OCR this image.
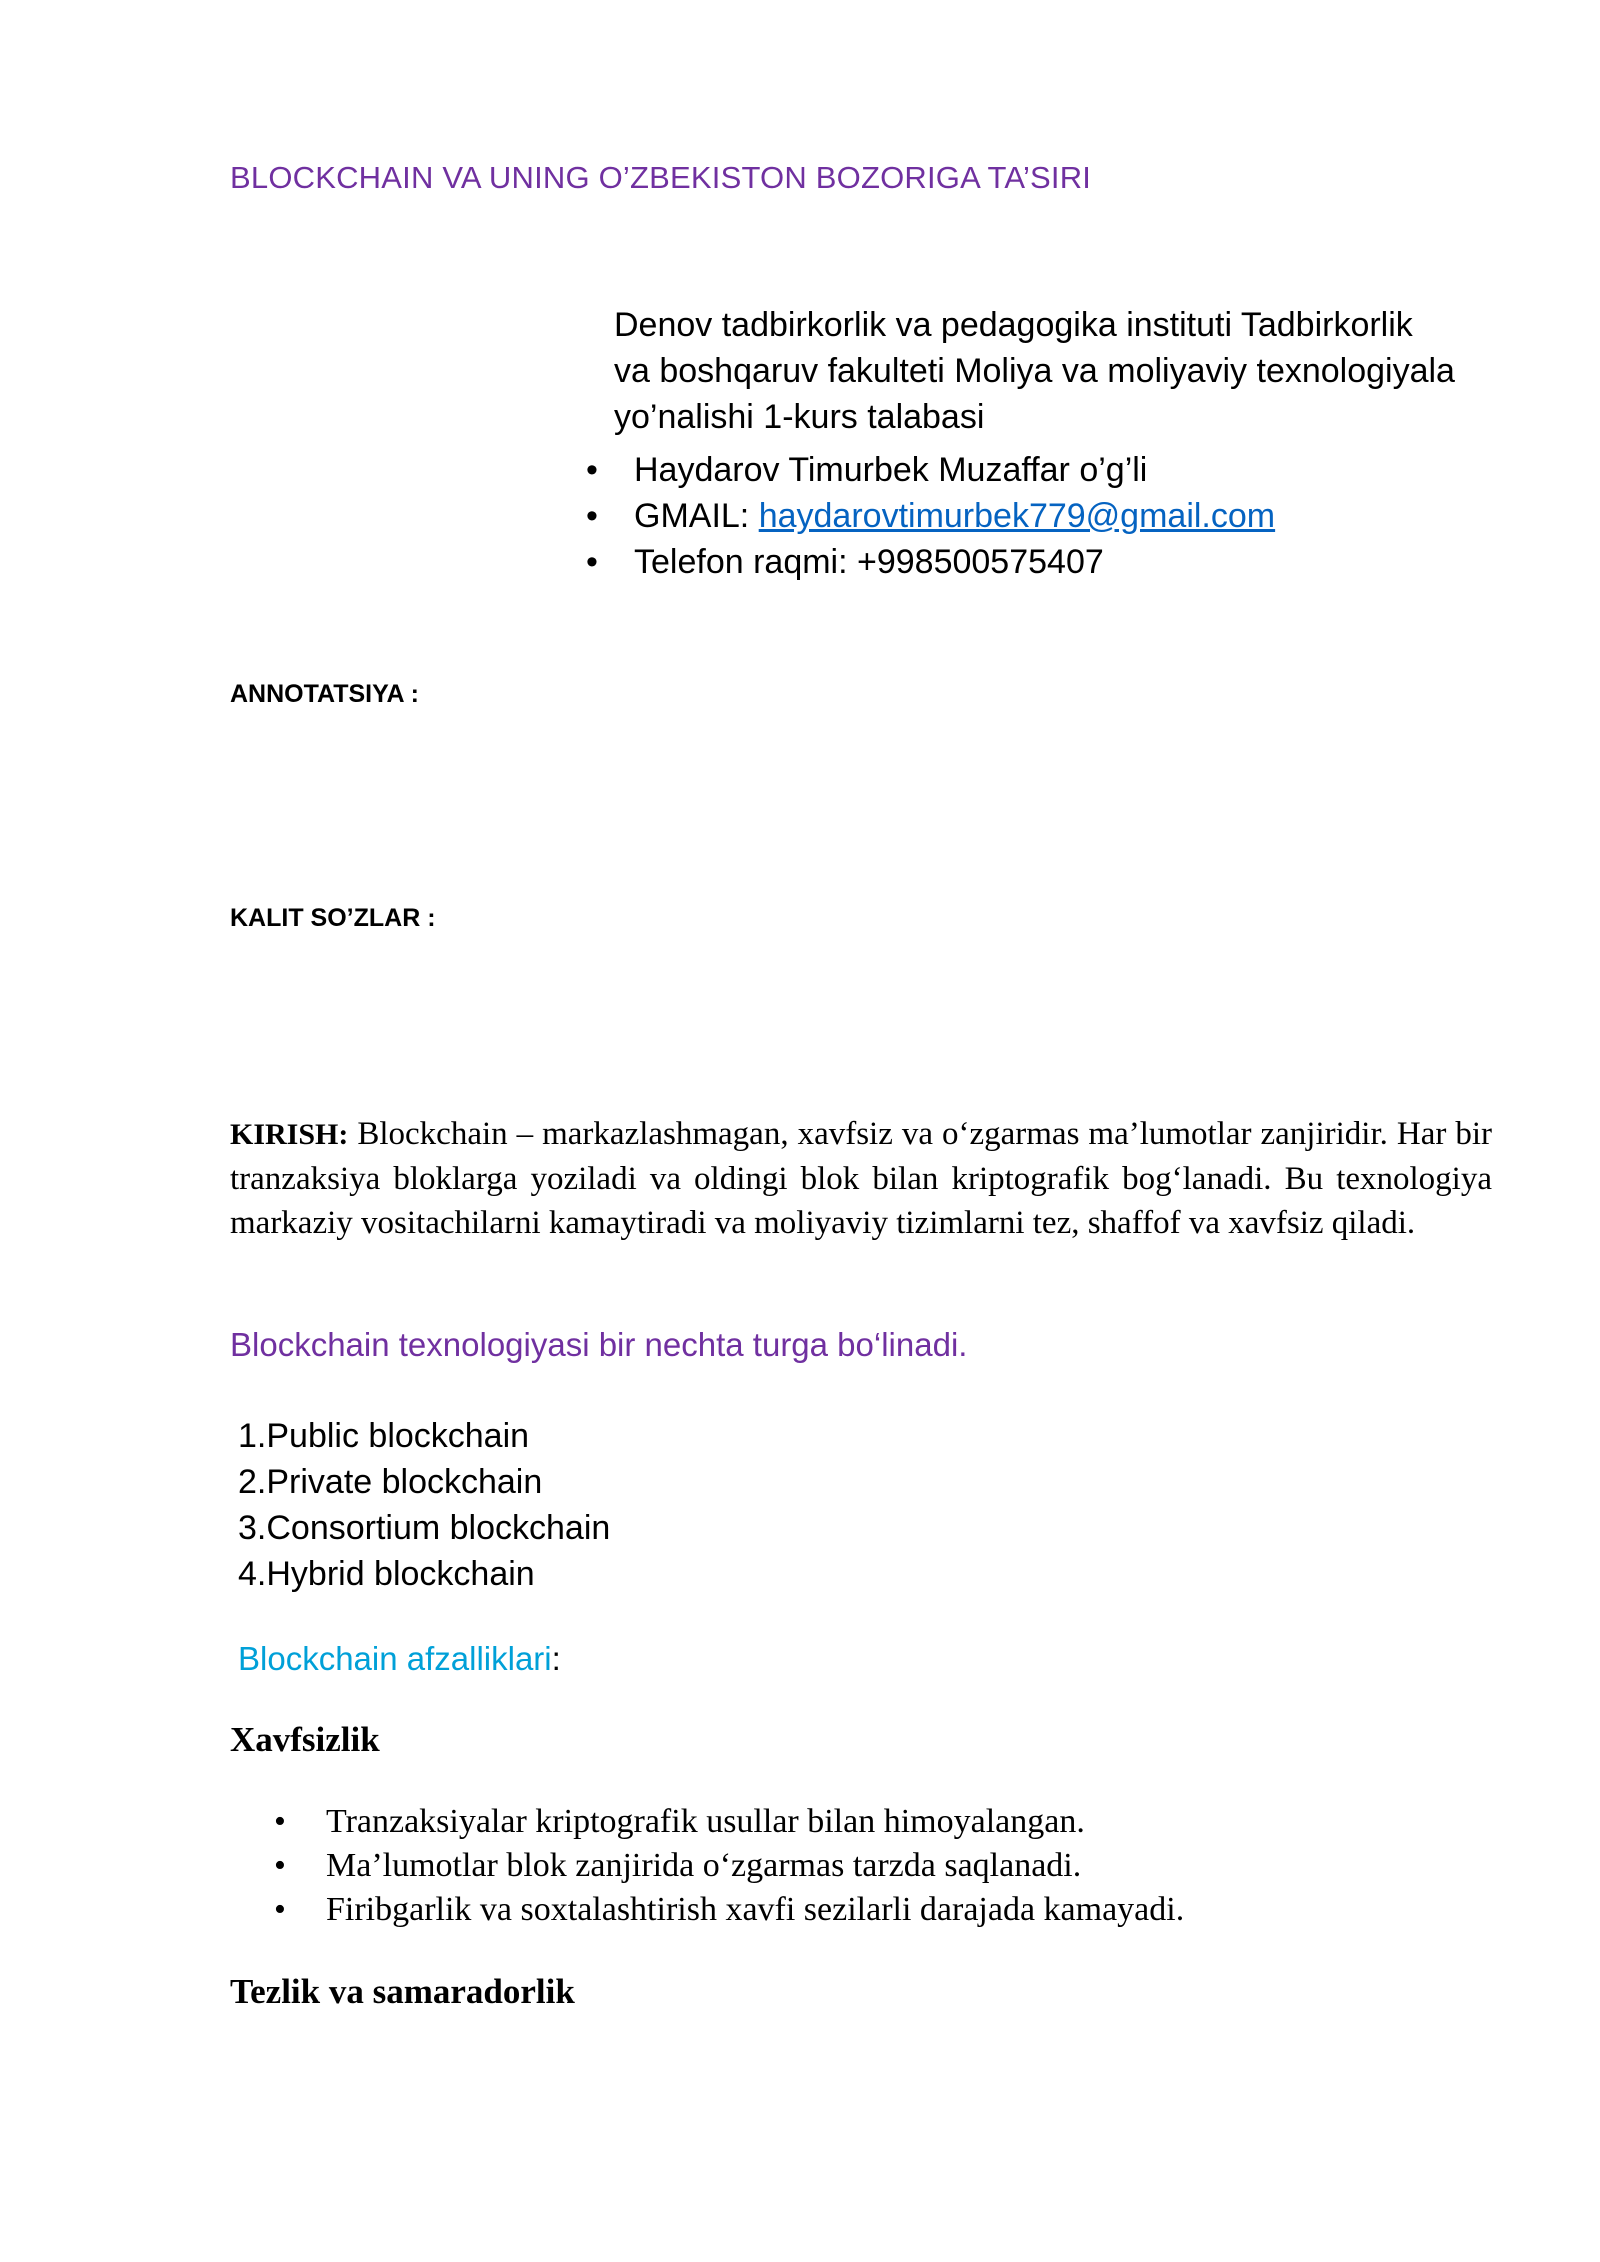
BLOCKCHAIN VA UNING O’ZBEKISTON BOZORIGA TA’SIRI
Denov tadbirkorlik va pedagogika instituti Tadbirkorlik
va boshqaruv fakulteti Moliya va moliyaviy texnologiyala
yo’nalishi 1-kurs talabasi
• Haydarov Timurbek Muzaffar o’g’li
• GMAIL: haydarovtimurbek779@gmail.com
• Telefon raqmi: +998500575407
ANNOTATSIYA :
KALIT SO’ZLAR :
KIRISH: Blockchain – markazlashmagan, xavfsiz va o‘zgarmas ma’lumotlar zanjiridir. Har bir tranzaksiya bloklarga yoziladi va oldingi blok bilan kriptografik bog‘lanadi. Bu texnologiya markaziy vositachilarni kamaytiradi va moliyaviy tizimlarni tez, shaffof va xavfsiz qiladi.
Blockchain texnologiyasi bir nechta turga bo‘linadi.
1.Public blockchain
2.Private blockchain
3.Consortium blockchain
4.Hybrid blockchain
Blockchain afzalliklari:
Xavfsizlik
• Tranzaksiyalar kriptografik usullar bilan himoyalangan.
• Ma’lumotlar blok zanjirida o‘zgarmas tarzda saqlanadi.
• Firibgarlik va soxtalashtirish xavfi sezilarli darajada kamayadi.
Tezlik va samaradorlik
